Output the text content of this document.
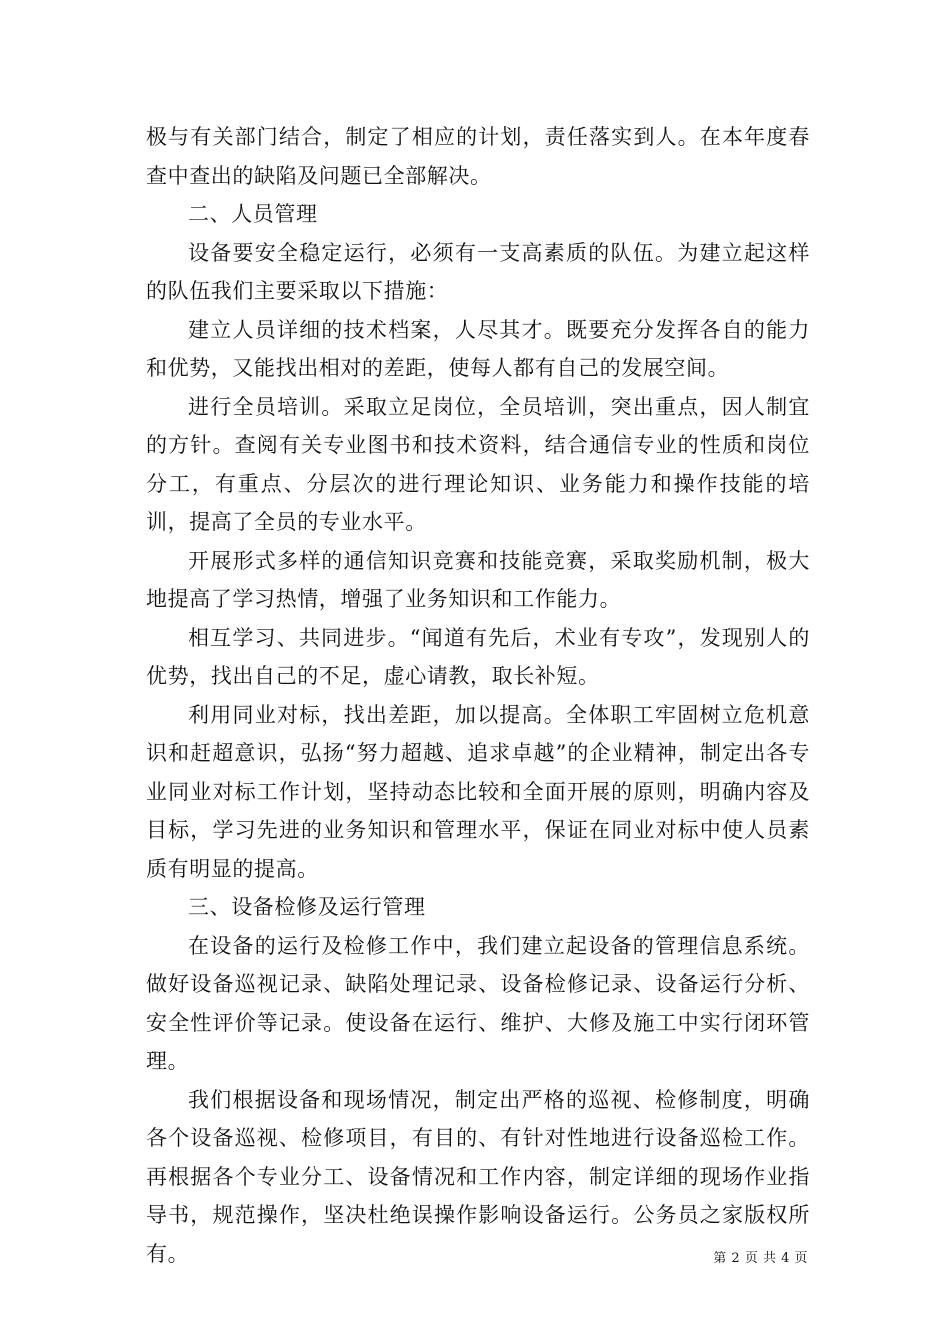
极与有关部门结合，制定了相应的计划，责任落实到人。在本年度春查中查出的缺陷及问题已全部解决。

二、人员管理

设备要安全稳定运行，必须有一支高素质的队伍。为建立起这样的队伍我们主要采取以下措施：

建立人员详细的技术档案，人尽其才。既要充分发挥各自的能力和优势，又能找出相对的差距，使每人都有自己的发展空间。

进行全员培训。采取立足岗位，全员培训，突出重点，因人制宜的方针。查阅有关专业图书和技术资料，结合通信专业的性质和岗位分工，有重点、分层次的进行理论知识、业务能力和操作技能的培训，提高了全员的专业水平。

开展形式多样的通信知识竞赛和技能竞赛，采取奖励机制，极大地提高了学习热情，增强了业务知识和工作能力。

相互学习、共同进步。“闻道有先后，术业有专攻”，发现别人的优势，找出自己的不足，虚心请教，取长补短。

利用同业对标，找出差距，加以提高。全体职工牢固树立危机意识和赶超意识，弘扬“努力超越、追求卓越”的企业精神，制定出各专业同业对标工作计划，坚持动态比较和全面开展的原则，明确内容及目标，学习先进的业务知识和管理水平，保证在同业对标中使人员素质有明显的提高。

三、设备检修及运行管理

在设备的运行及检修工作中，我们建立起设备的管理信息系统。做好设备巡视记录、缺陷处理记录、设备检修记录、设备运行分析、安全性评价等记录。使设备在运行、维护、大修及施工中实行闭环管理。

我们根据设备和现场情况，制定出严格的巡视、检修制度，明确各个设备巡视、检修项目，有目的、有针对性地进行设备巡检工作。再根据各个专业分工、设备情况和工作内容，制定详细的现场作业指导书，规范操作，坚决杜绝误操作影响设备运行。公务员之家版权所有。	第 2 页 共 4 页
